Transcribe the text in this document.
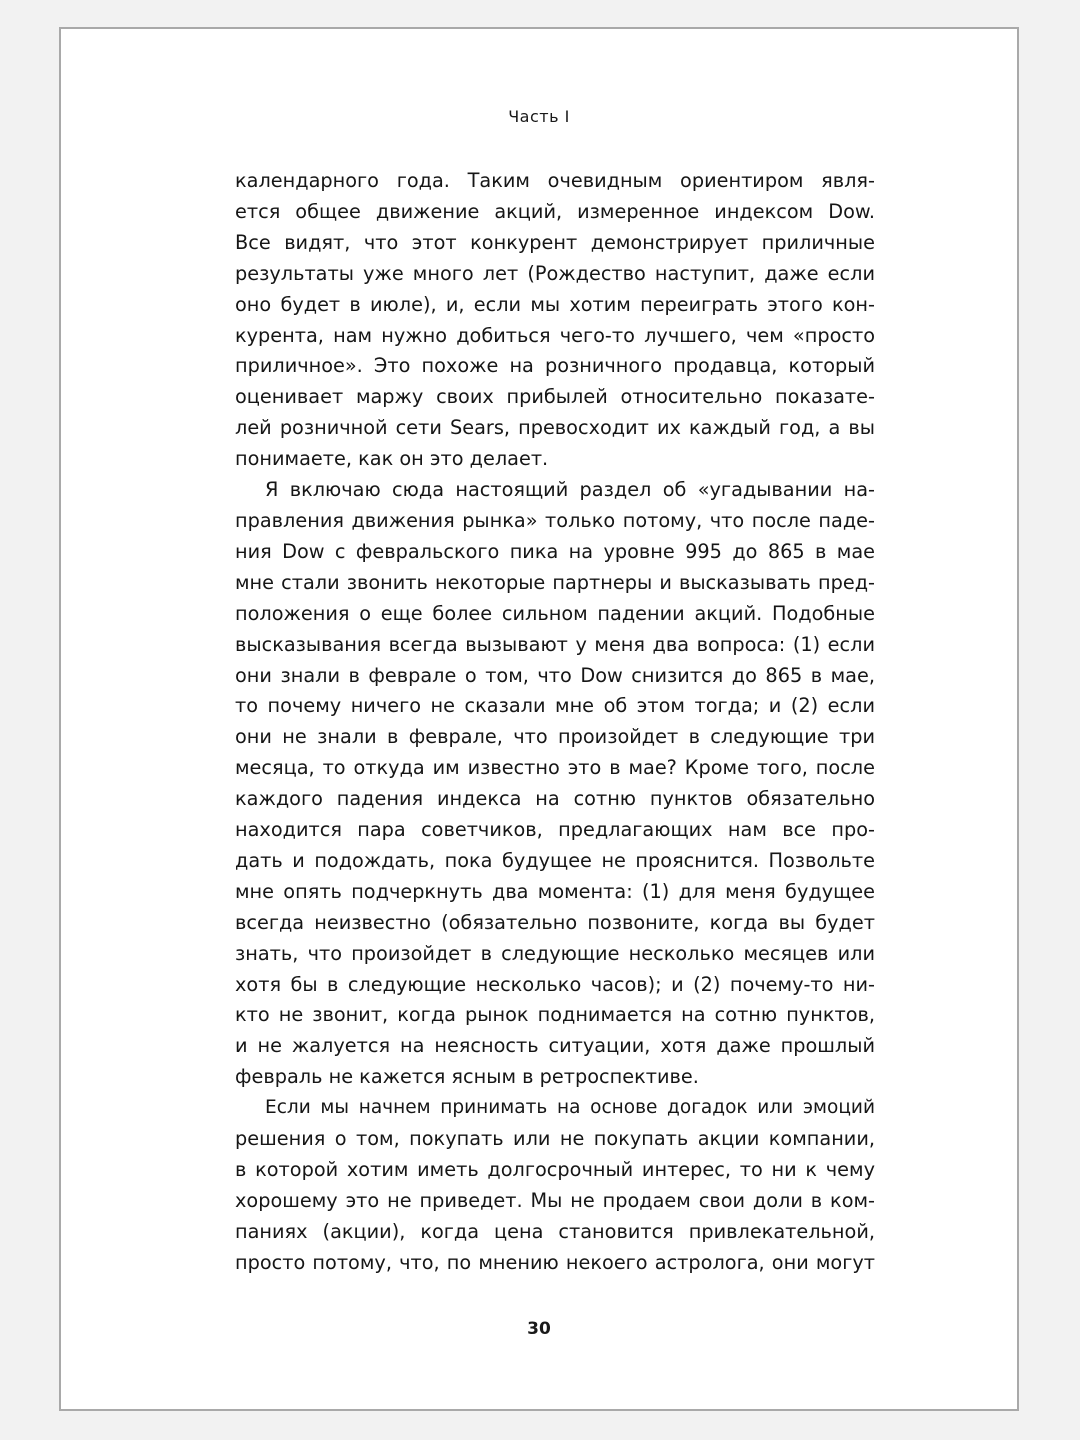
Часть I
календарного года. Таким очевидным ориентиром явля-
ется общее движение акций, измеренное индексом Dow.
Все видят, что этот конкурент демонстрирует приличные
результаты уже много лет (Рождество наступит, даже если
оно будет в июле), и, если мы хотим переиграть этого кон-
курента, нам нужно добиться чего-то лучшего, чем «просто
приличное». Это похоже на розничного продавца, который
оценивает маржу своих прибылей относительно показате-
лей розничной сети Sears, превосходит их каждый год, а вы
понимаете, как он это делает.
Я включаю сюда настоящий раздел об «угадывании на-
правления движения рынка» только потому, что после паде-
ния Dow с февральского пика на уровне 995 до 865 в мае
мне стали звонить некоторые партнеры и высказывать пред-
положения о еще более сильном падении акций. Подобные
высказывания всегда вызывают у меня два вопроса: (1) если
они знали в феврале о том, что Dow снизится до 865 в мае,
то почему ничего не сказали мне об этом тогда; и (2) если
они не знали в феврале, что произойдет в следующие три
месяца, то откуда им известно это в мае? Кроме того, после
каждого падения индекса на сотню пунктов обязательно
находится пара советчиков, предлагающих нам все про-
дать и подождать, пока будущее не прояснится. Позвольте
мне опять подчеркнуть два момента: (1) для меня будущее
всегда неизвестно (обязательно позвоните, когда вы будет
знать, что произойдет в следующие несколько месяцев или
хотя бы в следующие несколько часов); и (2) почему-то ни-
кто не звонит, когда рынок поднимается на сотню пунктов,
и не жалуется на неясность ситуации, хотя даже прошлый
февраль не кажется ясным в ретроспективе.
Если мы начнем принимать на основе догадок или эмоций
решения о том, покупать или не покупать акции компании,
в которой хотим иметь долгосрочный интерес, то ни к чему
хорошему это не приведет. Мы не продаем свои доли в ком-
паниях (акции), когда цена становится привлекательной,
просто потому, что, по мнению некоего астролога, они могут
30
